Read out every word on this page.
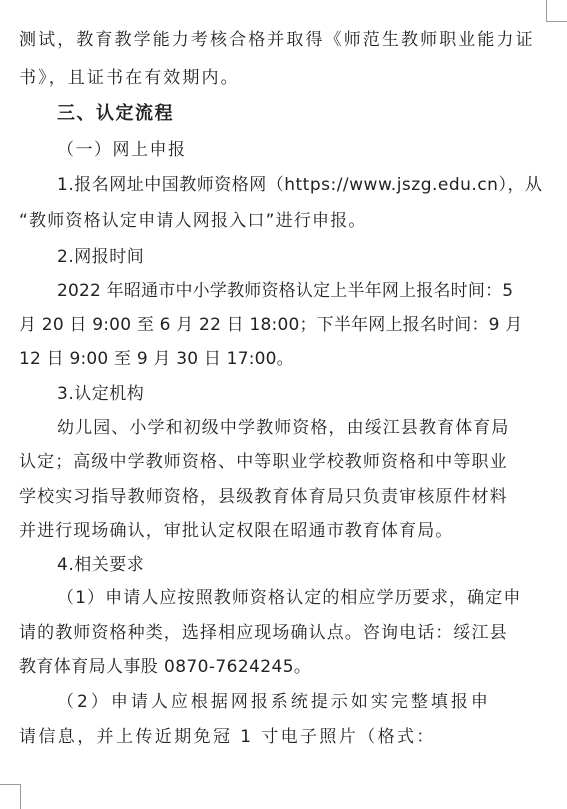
测试，教育教学能力考核合格并取得《师范生教师职业能力证
书》，且证书在有效期内。
三、认定流程
（一）网上申报
1.报名网址中国教师资格网（https://www.jszg.edu.cn），从
“教师资格认定申请人网报入口”进行申报。
2.网报时间
2022 年昭通市中小学教师资格认定上半年网上报名时间：5
月 20 日 9:00 至 6 月 22 日 18:00；下半年网上报名时间：9 月
12 日 9:00 至 9 月 30 日 17:00。
3.认定机构
幼儿园、小学和初级中学教师资格，由绥江县教育体育局
认定；高级中学教师资格、中等职业学校教师资格和中等职业
学校实习指导教师资格，县级教育体育局只负责审核原件材料
并进行现场确认，审批认定权限在昭通市教育体育局。
4.相关要求
（1）申请人应按照教师资格认定的相应学历要求，确定申
请的教师资格种类，选择相应现场确认点。咨询电话：绥江县
教育体育局人事股 0870-7624245。
（2）申请人应根据网报系统提示如实完整填报申
请信息，并上传近期免冠 1 寸电子照片（格式：
